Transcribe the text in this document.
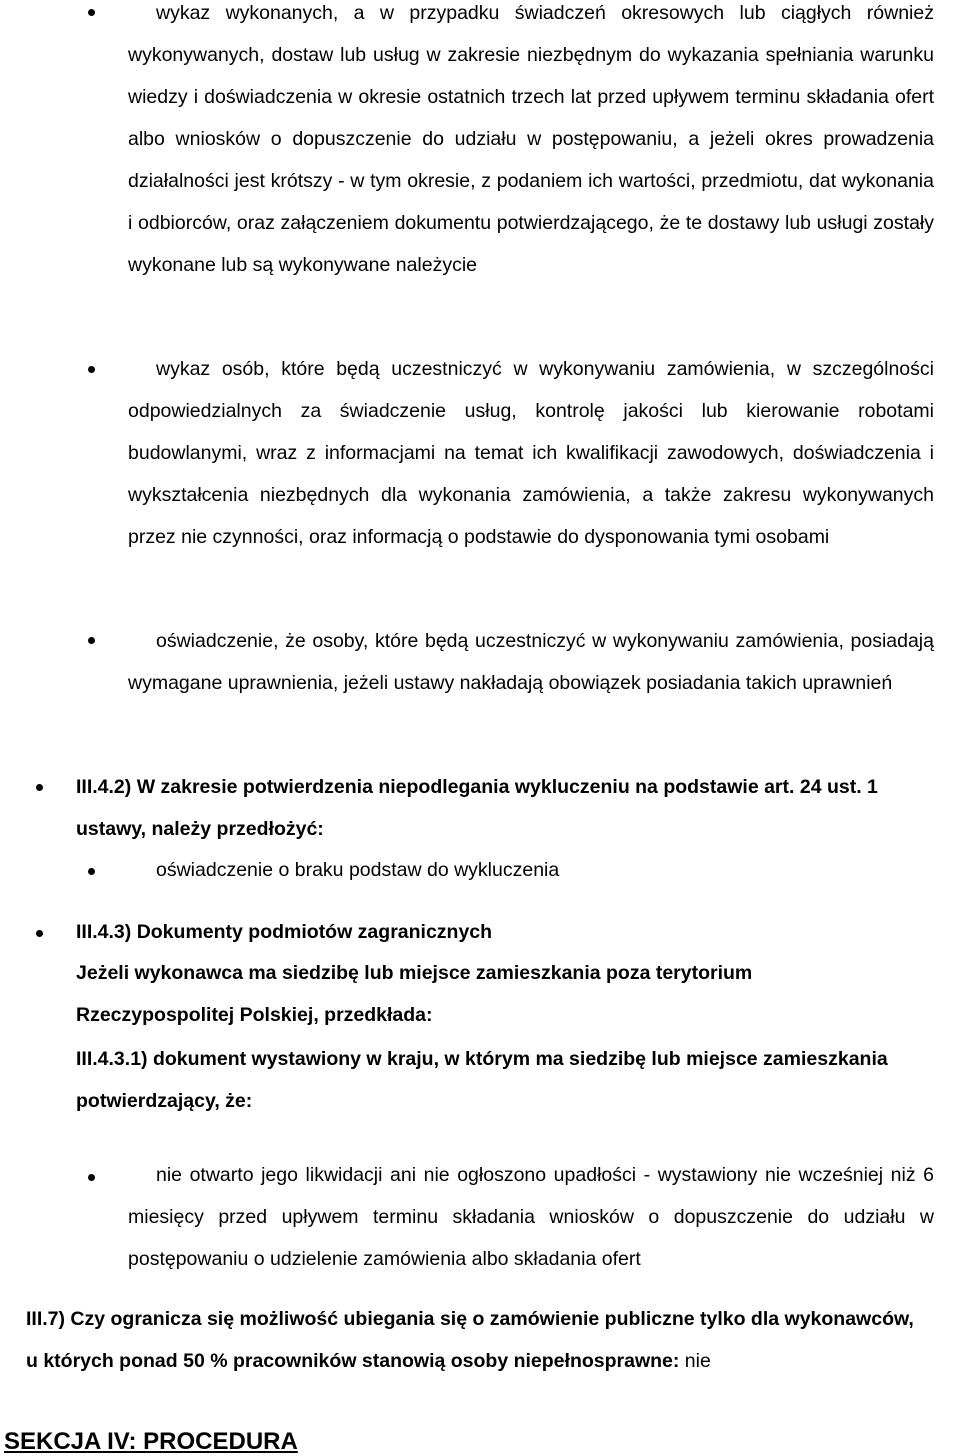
wykaz wykonanych, a w przypadku świadczeń okresowych lub ciągłych również wykonywanych, dostaw lub usług w zakresie niezbędnym do wykazania spełniania warunku wiedzy i doświadczenia w okresie ostatnich trzech lat przed upływem terminu składania ofert albo wniosków o dopuszczenie do udziału w postępowaniu, a jeżeli okres prowadzenia działalności jest krótszy - w tym okresie, z podaniem ich wartości, przedmiotu, dat wykonania i odbiorców, oraz załączeniem dokumentu potwierdzającego, że te dostawy lub usługi zostały wykonane lub są wykonywane należycie

wykaz osób, które będą uczestniczyć w wykonywaniu zamówienia, w szczególności odpowiedzialnych za świadczenie usług, kontrolę jakości lub kierowanie robotami budowlanymi, wraz z informacjami na temat ich kwalifikacji zawodowych, doświadczenia i wykształcenia niezbędnych dla wykonania zamówienia, a także zakresu wykonywanych przez nie czynności, oraz informacją o podstawie do dysponowania tymi osobami

oświadczenie, że osoby, które będą uczestniczyć w wykonywaniu zamówienia, posiadają wymagane uprawnienia, jeżeli ustawy nakładają obowiązek posiadania takich uprawnień

III.4.2) W zakresie potwierdzenia niepodlegania wykluczeniu na podstawie art. 24 ust. 1 ustawy, należy przedłożyć:

oświadczenie o braku podstaw do wykluczenia

III.4.3) Dokumenty podmiotów zagranicznych

Jeżeli wykonawca ma siedzibę lub miejsce zamieszkania poza terytorium Rzeczypospolitej Polskiej, przedkłada:

III.4.3.1) dokument wystawiony w kraju, w którym ma siedzibę lub miejsce zamieszkania potwierdzający, że:

nie otwarto jego likwidacji ani nie ogłoszono upadłości - wystawiony nie wcześniej niż 6 miesięcy przed upływem terminu składania wniosków o dopuszczenie do udziału w postępowaniu o udzielenie zamówienia albo składania ofert

III.7) Czy ogranicza się możliwość ubiegania się o zamówienie publiczne tylko dla wykonawców, u których ponad 50 % pracowników stanowią osoby niepełnosprawne: nie

SEKCJA IV: PROCEDURA
